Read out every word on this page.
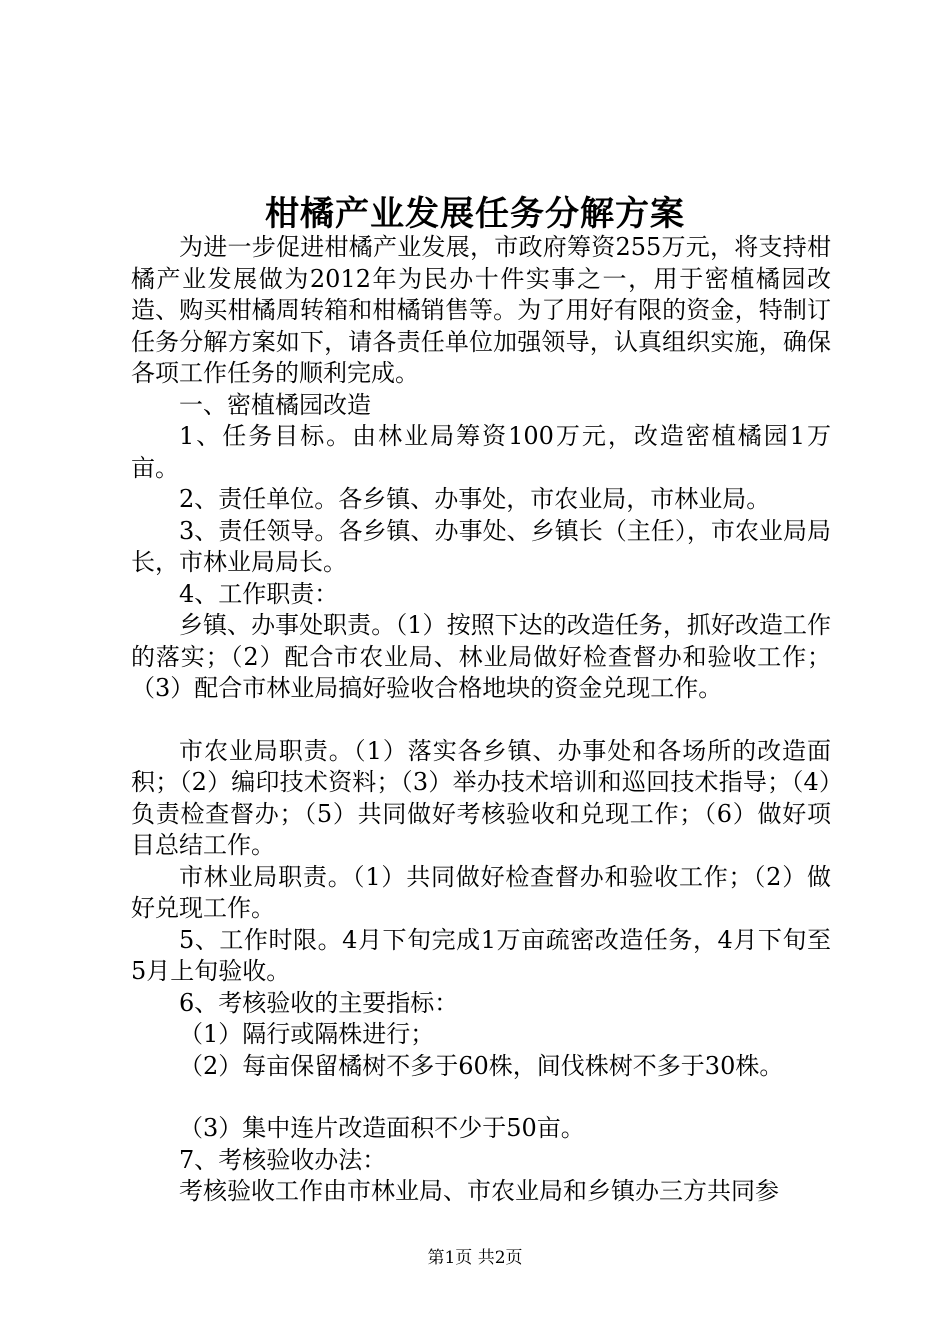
柑橘产业发展任务分解方案

为进一步促进柑橘产业发展，市政府筹资255万元，将支持柑橘产业发展做为2012年为民办十件实事之一，用于密植橘园改造、购买柑橘周转箱和柑橘销售等。为了用好有限的资金，特制订任务分解方案如下，请各责任单位加强领导，认真组织实施，确保各项工作任务的顺利完成。

一、密植橘园改造

1、任务目标。由林业局筹资100万元，改造密植橘园1万亩。

2、责任单位。各乡镇、办事处，市农业局，市林业局。

3、责任领导。各乡镇、办事处、乡镇长（主任），市农业局局长，市林业局局长。

4、工作职责：

乡镇、办事处职责。（1）按照下达的改造任务，抓好改造工作的落实；（2）配合市农业局、林业局做好检查督办和验收工作；（3）配合市林业局搞好验收合格地块的资金兑现工作。

市农业局职责。（1）落实各乡镇、办事处和各场所的改造面积；（2）编印技术资料；（3）举办技术培训和巡回技术指导；（4）负责检查督办；（5）共同做好考核验收和兑现工作；（6）做好项目总结工作。

市林业局职责。（1）共同做好检查督办和验收工作；（2）做好兑现工作。

5、工作时限。4月下旬完成1万亩疏密改造任务，4月下旬至5月上旬验收。

6、考核验收的主要指标：

（1）隔行或隔株进行；

（2）每亩保留橘树不多于60株，间伐株树不多于30株。

（3）集中连片改造面积不少于50亩。

7、考核验收办法：

考核验收工作由市林业局、市农业局和乡镇办三方共同参

第1页 共2页
